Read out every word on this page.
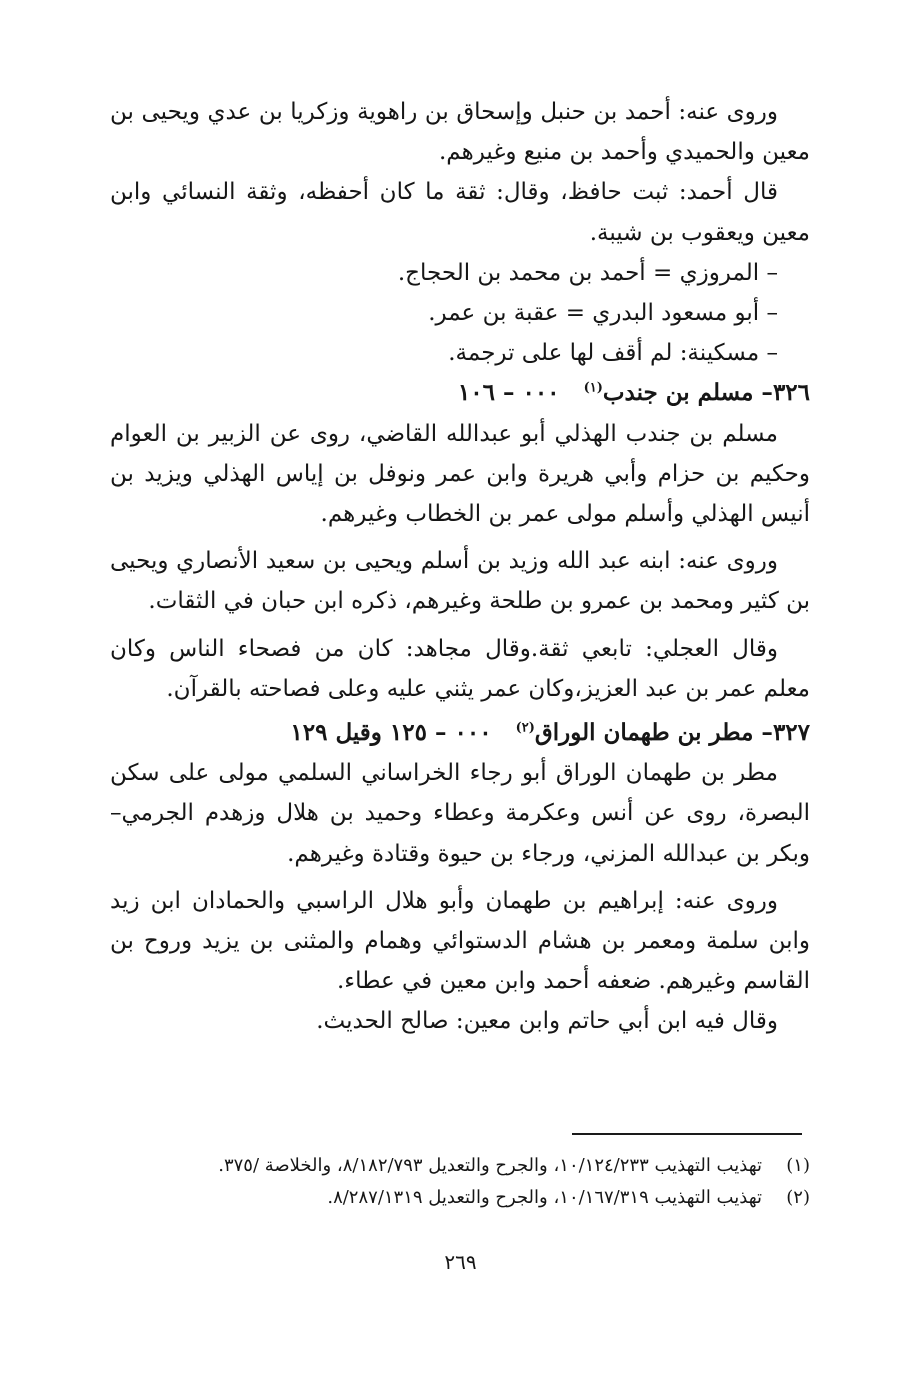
وروى عنه: أحمد بن حنبل وإسحاق بن راهوية وزكريا بن عدي ويحيى بن معين والحميدي وأحمد بن منيع وغيرهم.

قال أحمد: ثبت حافظ، وقال: ثقة ما كان أحفظه، وثقة النسائي وابن معين ويعقوب بن شيبة.

– المروزي = أحمد بن محمد بن الحجاج.

– أبو مسعود البدري = عقبة بن عمر.

– مسكينة: لم أقف لها على ترجمة.

٣٢٦– مسلم بن جندب$^{(١)}$   ٠٠٠ – ١٠٦

مسلم بن جندب الهذلي أبو عبدالله القاضي، روى عن الزبير بن العوام وحكيم بن حزام وأبي هريرة وابن عمر ونوفل بن إياس الهذلي ويزيد بن أنيس الهذلي وأسلم مولى عمر بن الخطاب وغيرهم.

وروى عنه: ابنه عبد الله وزيد بن أسلم ويحيى بن سعيد الأنصاري ويحيى بن كثير ومحمد بن عمرو بن طلحة وغيرهم، ذكره ابن حبان في الثقات.

وقال العجلي: تابعي ثقة.وقال مجاهد: كان من فصحاء الناس وكان معلم عمر بن عبد العزيز،وكان عمر يثني عليه وعلى فصاحته بالقرآن.

٣٢٧– مطر بن طهمان الوراق$^{(٢)}$   ٠٠٠ – ١٢٥ وقيل ١٢٩

مطر بن طهمان الوراق أبو رجاء الخراساني السلمي مولى على سكن البصرة، روى عن أنس وعكرمة وعطاء وحميد بن هلال وزهدم الجرمي– وبكر بن عبدالله المزني، ورجاء بن حيوة وقتادة وغيرهم.

وروى عنه: إبراهيم بن طهمان وأبو هلال الراسبي والحمادان ابن زيد وابن سلمة ومعمر بن هشام الدستوائي وهمام والمثنى بن يزيد وروح بن القاسم وغيرهم. ضعفه أحمد وابن معين في عطاء.

وقال فيه ابن أبي حاتم وابن معين: صالح الحديث.

(١)تهذيب التهذيب ١٠/١٢٤/٢٣٣، والجرح والتعديل ٨/١٨٢/٧٩٣، والخلاصة /٣٧٥.

(٢)تهذيب التهذيب ١٠/١٦٧/٣١٩، والجرح والتعديل ٨/٢٨٧/١٣١٩.

٢٦٩
